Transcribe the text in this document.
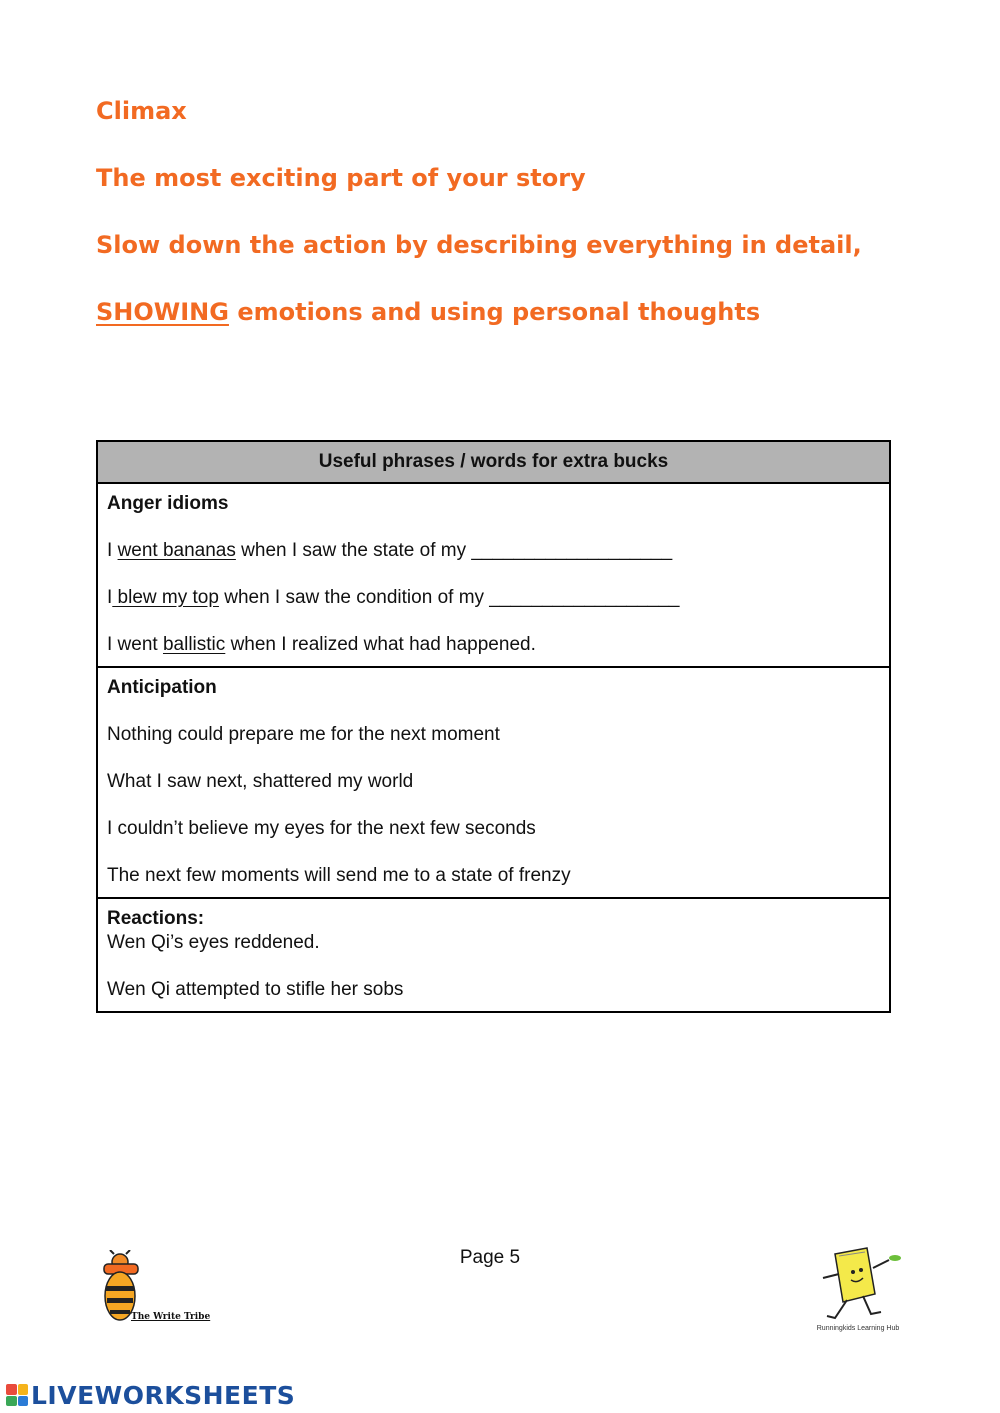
Climax
The most exciting part of your story
Slow down the action by describing everything in detail,
SHOWING emotions and using personal thoughts
Useful phrases / words for extra bucks

Anger idioms

I went bananas when I saw the state of my ___________________

I blew my top when I saw the condition of my __________________

I went ballistic when I realized what had happened.

Anticipation

Nothing could prepare me for the next moment

What I saw next, shattered my world

I couldn’t believe my eyes for the next few seconds

The next few moments will send me to a state of frenzy

Reactions:

Wen Qi’s eyes reddened.

Wen Qi attempted to stifle her sobs

Page 5
The Write Tribe
Runningkids Learning Hub
LIVEWORKSHEETS
